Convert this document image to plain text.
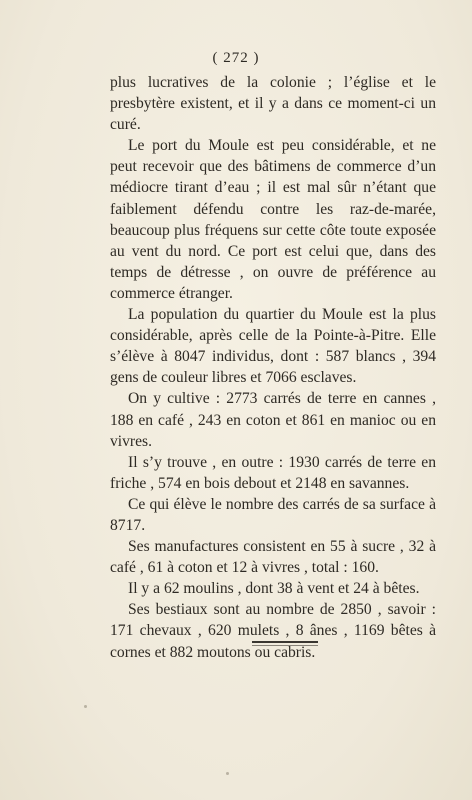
( 272 )

plus lucratives de la colonie ; l’église et le presbytère existent, et il y a dans ce moment-ci un curé.

Le port du Moule est peu considérable, et ne peut recevoir que des bâtimens de commerce d’un médiocre tirant d’eau ; il est mal sûr n’étant que faiblement défendu contre les raz-de-marée, beaucoup plus fréquens sur cette côte toute exposée au vent du nord. Ce port est celui que, dans des temps de détresse , on ouvre de préférence au commerce étranger.

La population du quartier du Moule est la plus considérable, après celle de la Pointe-à-Pitre. Elle s’élève à 8047 individus, dont : 587 blancs , 394 gens de couleur libres et 7066 esclaves.

On y cultive : 2773 carrés de terre en cannes , 188 en café , 243 en coton et 861 en manioc ou en vivres.

Il s’y trouve , en outre : 1930 carrés de terre en friche , 574 en bois debout et 2148 en savannes.

Ce qui élève le nombre des carrés de sa surface à 8717.

Ses manufactures consistent en 55 à sucre , 32 à café , 61 à coton et 12 à vivres , total : 160.

Il y a 62 moulins , dont 38 à vent et 24 à bêtes.

Ses bestiaux sont au nombre de 2850 , savoir : 171 chevaux , 620 mulets , 8 ânes , 1169 bêtes à cornes et 882 moutons ou cabris.
